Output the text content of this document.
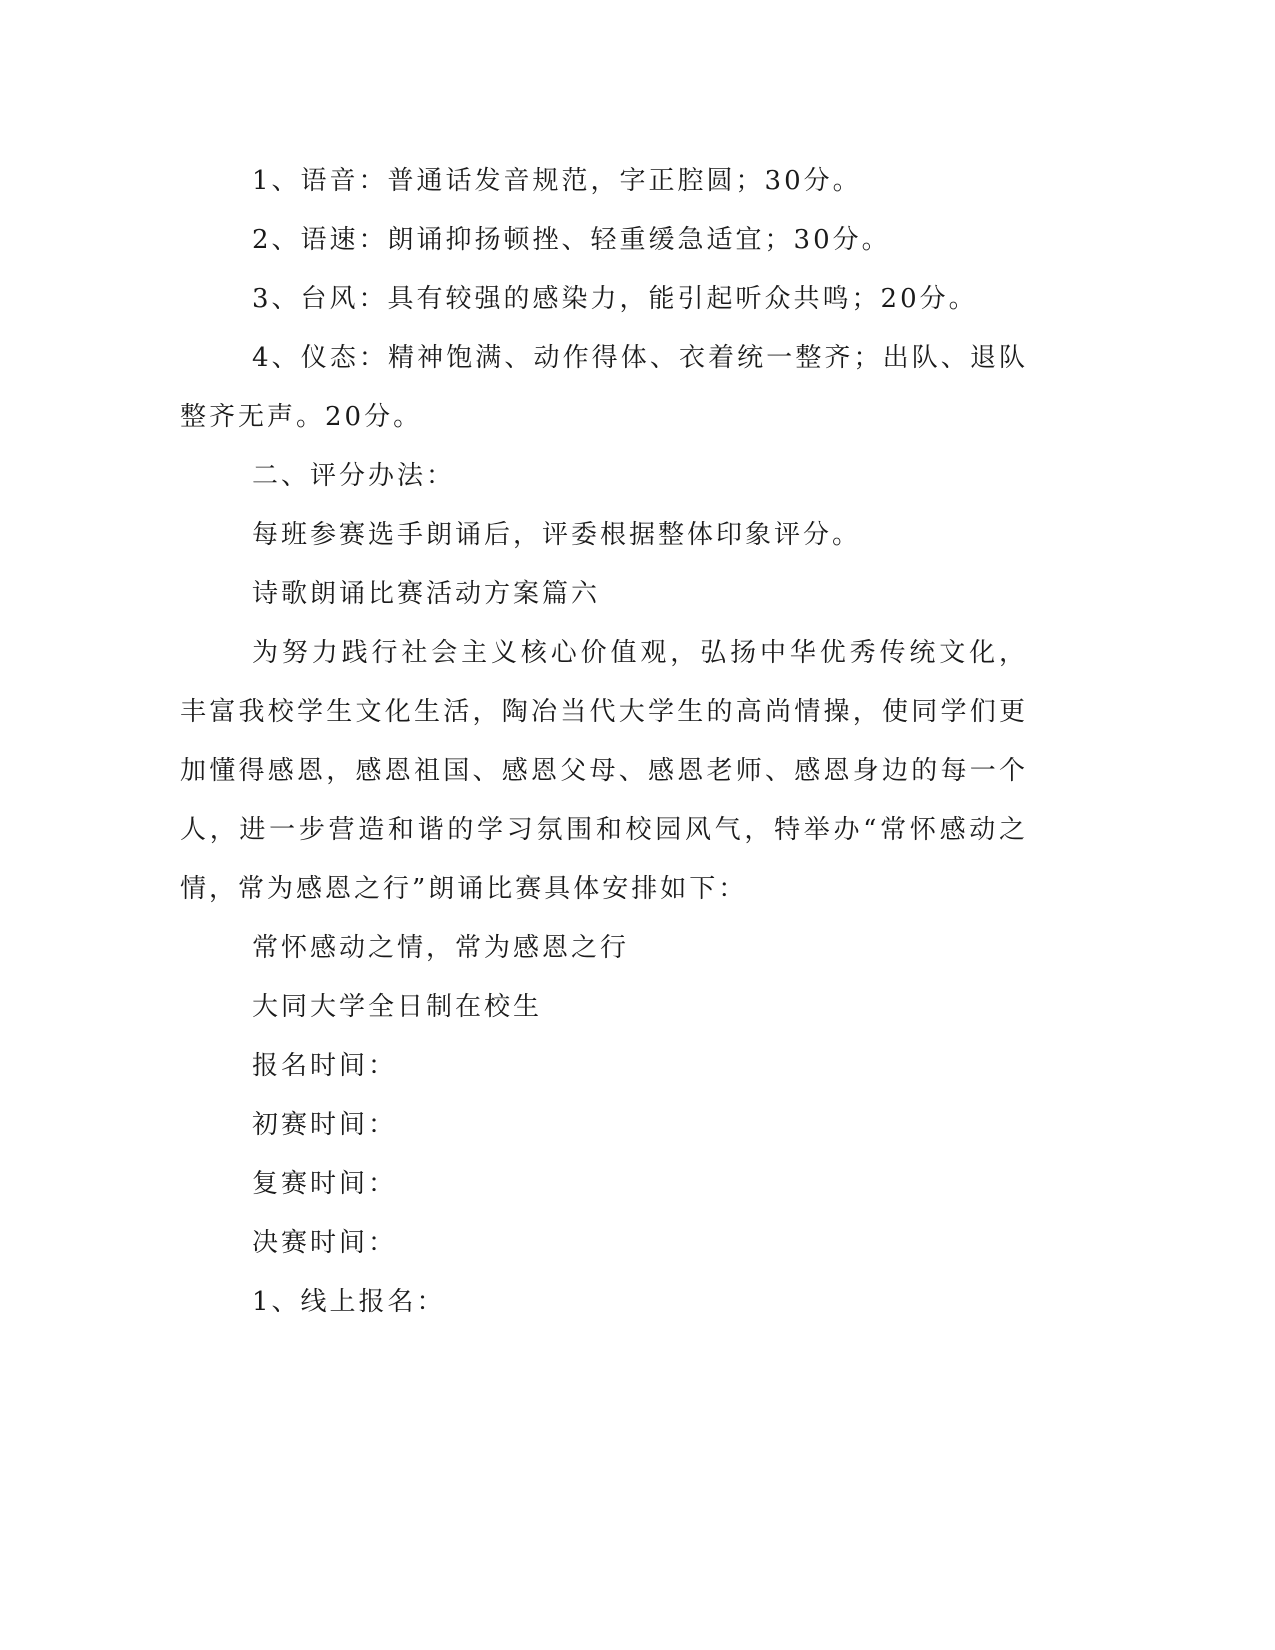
1、语音：普通话发音规范，字正腔圆；30分。

2、语速：朗诵抑扬顿挫、轻重缓急适宜；30分。

3、台风：具有较强的感染力，能引起听众共鸣；20分。

4、仪态：精神饱满、动作得体、衣着统一整齐；出队、退队整齐无声。20分。

二、评分办法：

每班参赛选手朗诵后，评委根据整体印象评分。

诗歌朗诵比赛活动方案篇六

为努力践行社会主义核心价值观，弘扬中华优秀传统文化，丰富我校学生文化生活，陶冶当代大学生的高尚情操，使同学们更加懂得感恩，感恩祖国、感恩父母、感恩老师、感恩身边的每一个人，进一步营造和谐的学习氛围和校园风气，特举办“常怀感动之情，常为感恩之行”朗诵比赛具体安排如下：

常怀感动之情，常为感恩之行

大同大学全日制在校生

报名时间：

初赛时间：

复赛时间：

决赛时间：

1、线上报名：
